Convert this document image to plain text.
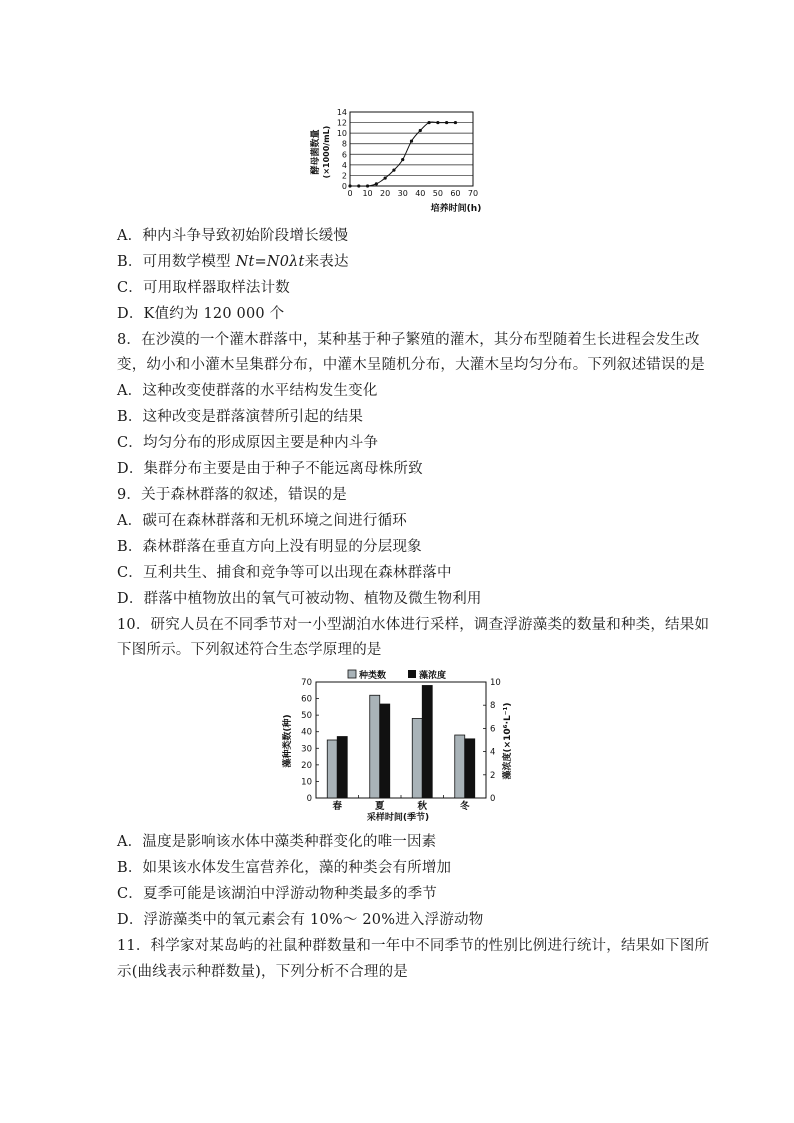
0
2
4
6
8
10
12
14
0 10 20 30 40 50 60 70
酵母菌数量 (×1000/mL)
培养时间(h)
A．种内斗争导致初始阶段增长缓慢
B．可用数学模型 Nt=N0λt来表达
C．可用取样器取样法计数
D．K值约为 120 000 个
8．在沙漠的一个灌木群落中，某种基于种子繁殖的灌木，其分布型随着生长进程会发生改
变，幼小和小灌木呈集群分布，中灌木呈随机分布，大灌木呈均匀分布。下列叙述错误的是
A．这种改变使群落的水平结构发生变化
B．这种改变是群落演替所引起的结果
C．均匀分布的形成原因主要是种内斗争
D．集群分布主要是由于种子不能远离母株所致
9．关于森林群落的叙述，错误的是
A．碳可在森林群落和无机环境之间进行循环
B．森林群落在垂直方向上没有明显的分层现象
C．互利共生、捕食和竞争等可以出现在森林群落中
D．群落中植物放出的氧气可被动物、植物及微生物利用
10．研究人员在不同季节对一小型湖泊水体进行采样，调查浮游藻类的数量和种类，结果如
下图所示。下列叙述符合生态学原理的是
种类数	藻浓度
0
10
20
30
40
50
60
70
0
2
4
6
8
10
春	夏	秋	冬
藻种类数(种)	藻浓度(×10⁶·L⁻¹)
采样时间(季节)
A．温度是影响该水体中藻类种群变化的唯一因素
B．如果该水体发生富营养化，藻的种类会有所增加
C．夏季可能是该湖泊中浮游动物种类最多的季节
D．浮游藻类中的氧元素会有 10%～ 20%进入浮游动物
11．科学家对某岛屿的社鼠种群数量和一年中不同季节的性别比例进行统计，结果如下图所
示(曲线表示种群数量)，下列分析不合理的是
